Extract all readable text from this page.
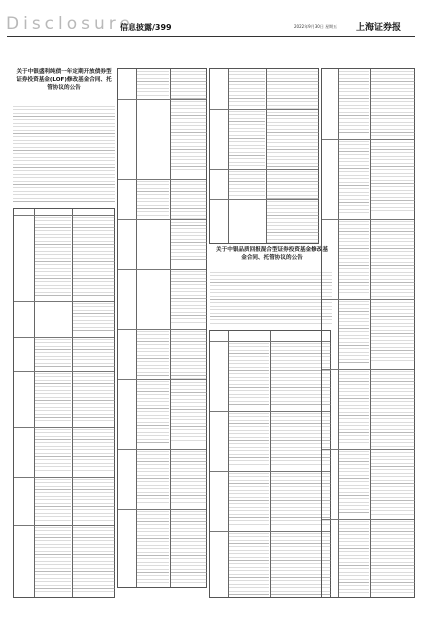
Disclosure
信息披露/399	2022年9月30日 星期五 上海证券报
关于中银盛利纯债一年定期开放债券型证券投资基金(LOF)修改基金合同、托管协议的公告
关于中银品质回报混合型证券投资基金修改基金合同、托管协议的公告
